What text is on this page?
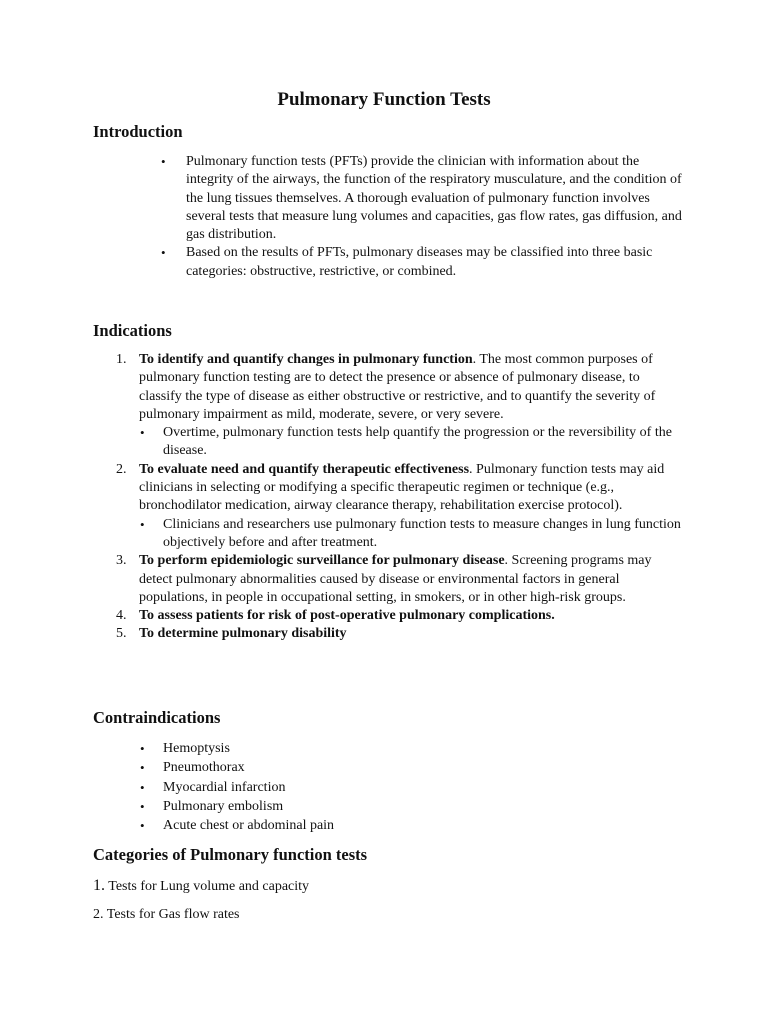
Pulmonary Function Tests
Introduction
• Pulmonary function tests (PFTs) provide the clinician with information about the integrity of the airways, the function of the respiratory musculature, and the condition of the lung tissues themselves. A thorough evaluation of pulmonary function involves several tests that measure lung volumes and capacities, gas flow rates, gas diffusion, and gas distribution.
• Based on the results of PFTs, pulmonary diseases may be classified into three basic categories: obstructive, restrictive, or combined.
Indications
1. To identify and quantify changes in pulmonary function. The most common purposes of pulmonary function testing are to detect the presence or absence of pulmonary disease, to classify the type of disease as either obstructive or restrictive, and to quantify the severity of pulmonary impairment as mild, moderate, severe, or very severe.
• Overtime, pulmonary function tests help quantify the progression or the reversibility of the disease.
2. To evaluate need and quantify therapeutic effectiveness. Pulmonary function tests may aid clinicians in selecting or modifying a specific therapeutic regimen or technique (e.g., bronchodilator medication, airway clearance therapy, rehabilitation exercise protocol).
• Clinicians and researchers use pulmonary function tests to measure changes in lung function objectively before and after treatment.
3. To perform epidemiologic surveillance for pulmonary disease. Screening programs may detect pulmonary abnormalities caused by disease or environmental factors in general populations, in people in occupational setting, in smokers, or in other high-risk groups.
4. To assess patients for risk of post-operative pulmonary complications.
5. To determine pulmonary disability
Contraindications
• Hemoptysis
• Pneumothorax
• Myocardial infarction
• Pulmonary embolism
• Acute chest or abdominal pain
Categories of Pulmonary function tests
1. Tests for Lung volume and capacity
2. Tests for Gas flow rates
